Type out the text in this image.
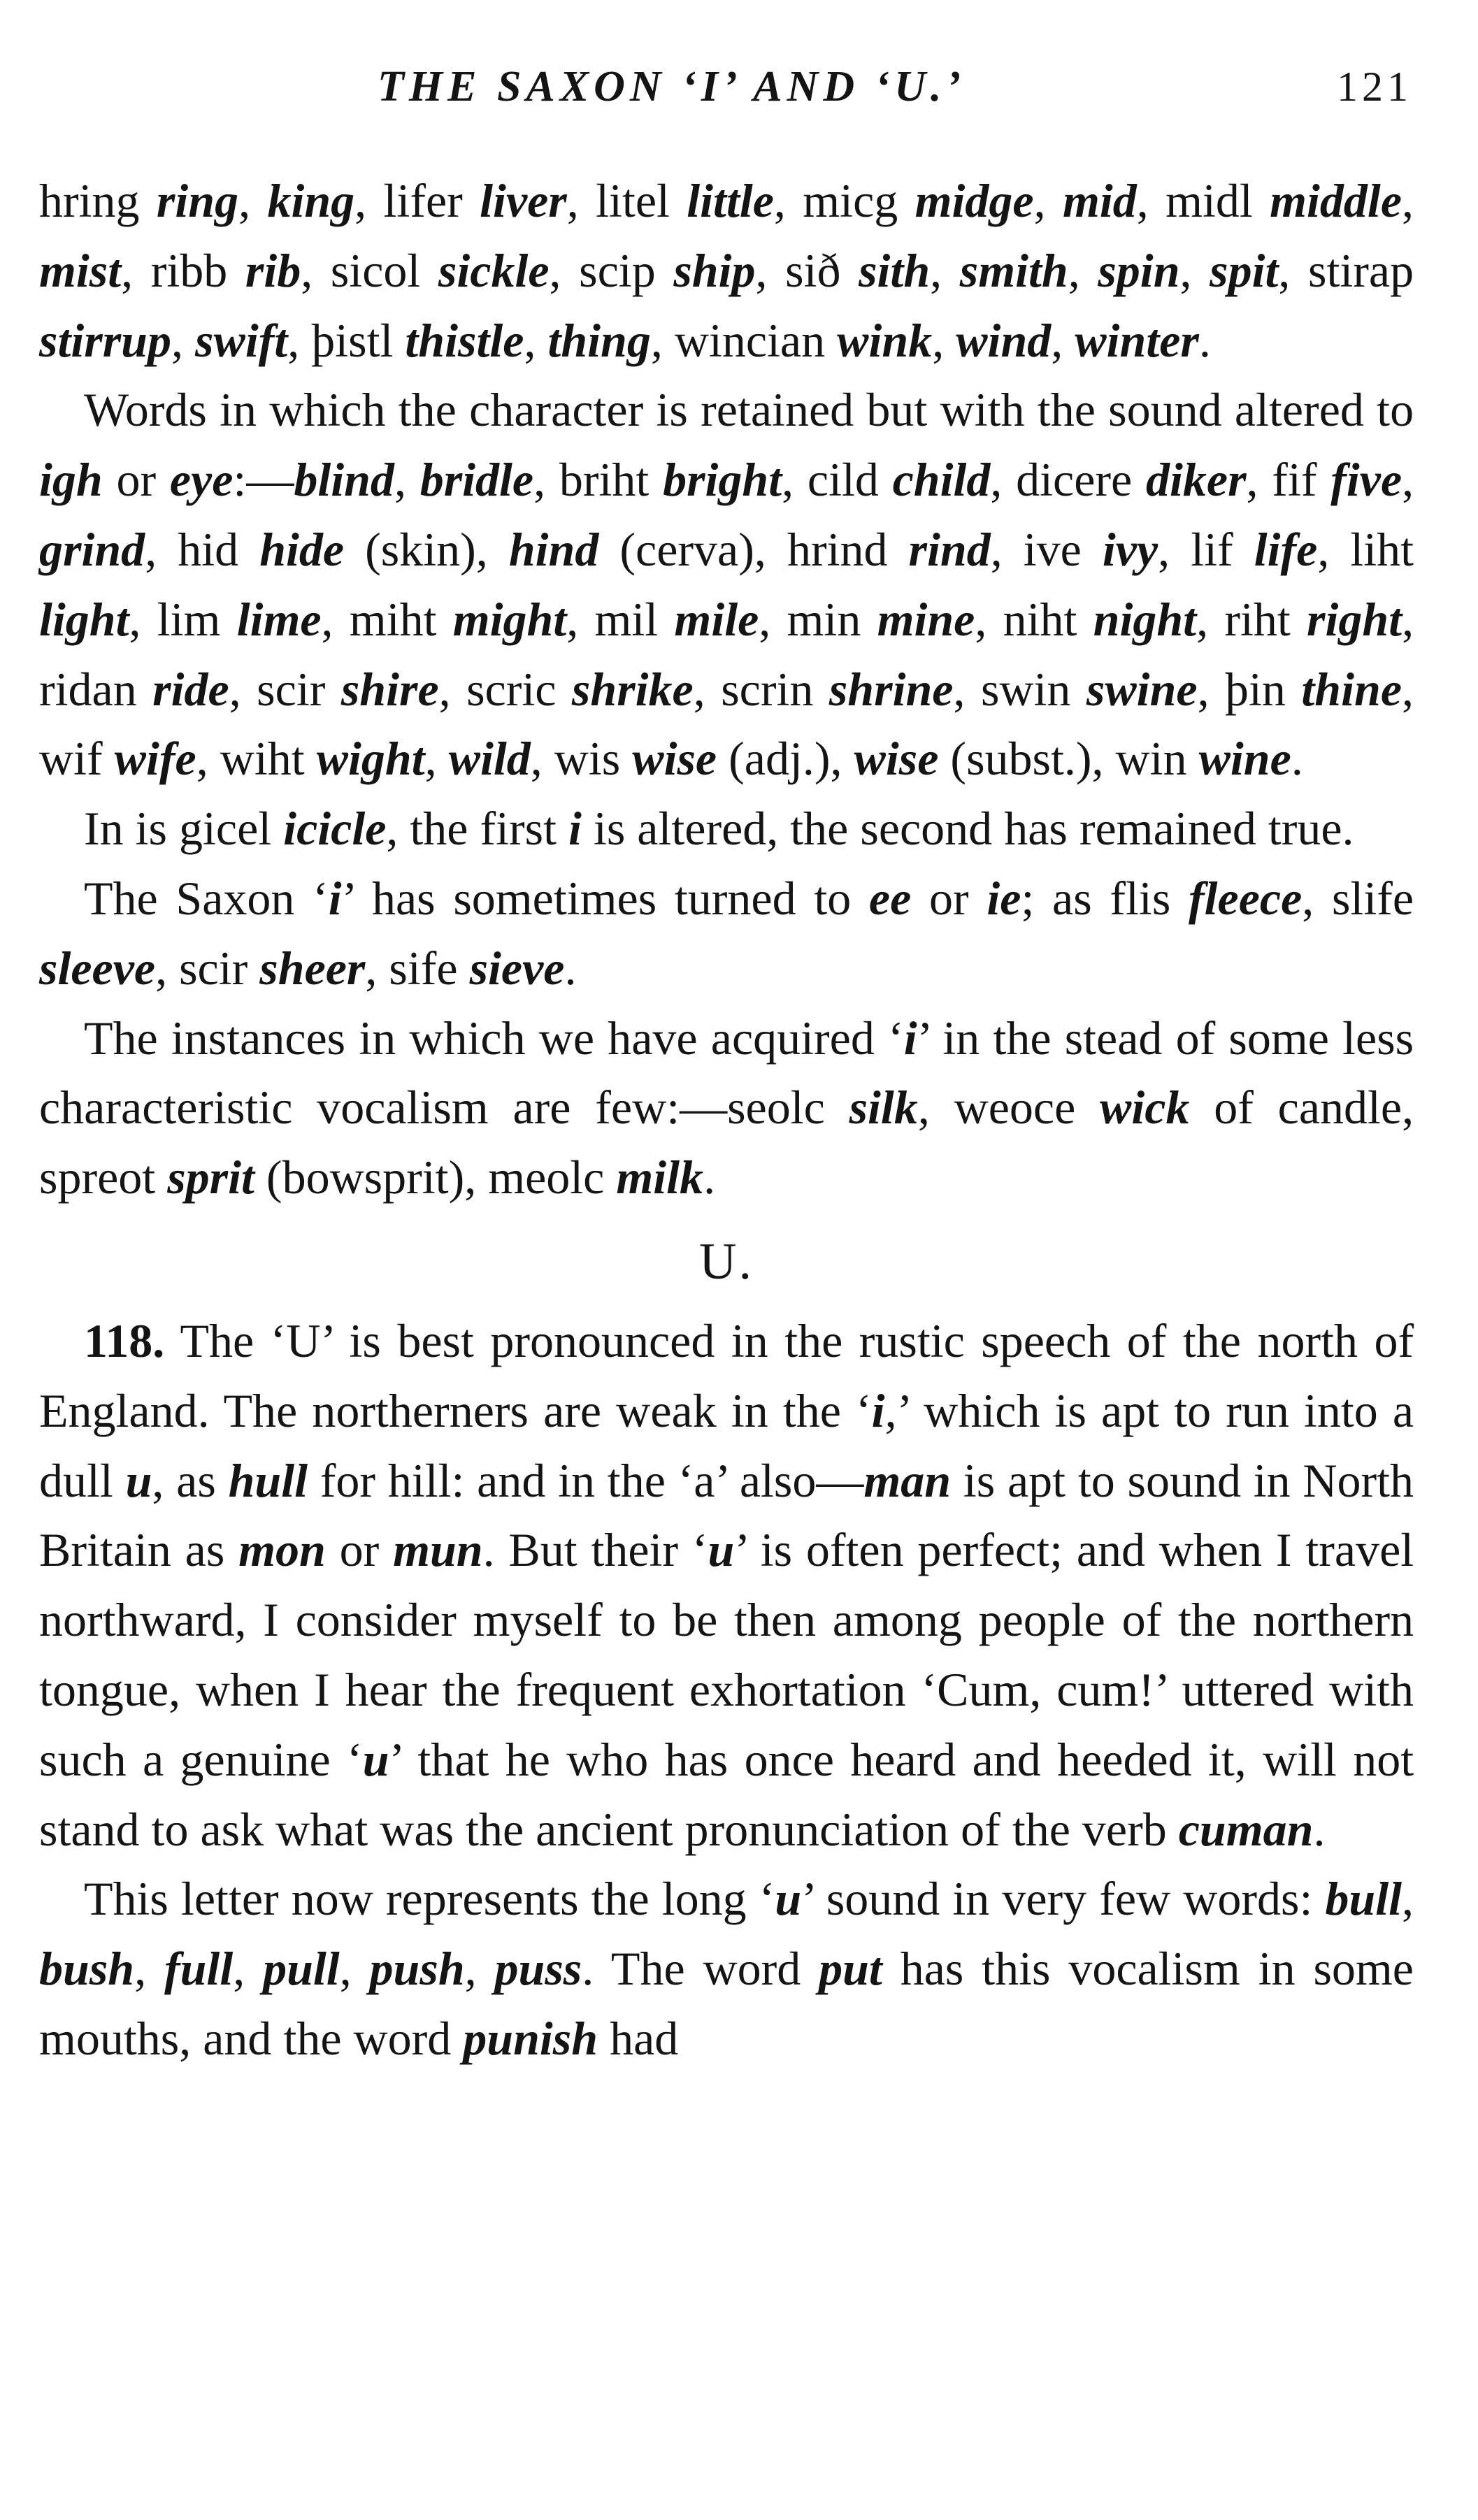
THE SAXON ‘I’ AND ‘U.’	121

hring ring, king, lifer liver, litel little, micg midge, mid, midl middle, mist, ribb rib, sicol sickle, scip ship, sið sith, smith, spin, spit, stirap stirrup, swift, þistl thistle, thing, wincian wink, wind, winter.

Words in which the character is retained but with the sound altered to igh or eye:—blind, bridle, briht bright, cild child, dicere diker, fif five, grind, hid hide (skin), hind (cerva), hrind rind, ive ivy, lif life, liht light, lim lime, miht might, mil mile, min mine, niht night, riht right, ridan ride, scir shire, scric shrike, scrin shrine, swin swine, þin thine, wif wife, wiht wight, wild, wis wise (adj.), wise (subst.), win wine.

In is gicel icicle, the first i is altered, the second has remained true.

The Saxon ‘i’ has sometimes turned to ee or ie; as flis fleece, slife sleeve, scir sheer, sife sieve.

The instances in which we have acquired ‘i’ in the stead of some less characteristic vocalism are few:—seolc silk, weoce wick of candle, spreot sprit (bowsprit), meolc milk.

U.

118. The ‘U’ is best pronounced in the rustic speech of the north of England. The northerners are weak in the ‘i,’ which is apt to run into a dull u, as hull for hill: and in the ‘a’ also—man is apt to sound in North Britain as mon or mun. But their ‘u’ is often perfect; and when I travel northward, I consider myself to be then among people of the northern tongue, when I hear the frequent exhortation ‘Cum, cum!’ uttered with such a genuine ‘u’ that he who has once heard and heeded it, will not stand to ask what was the ancient pronunciation of the verb cuman.

This letter now represents the long ‘u’ sound in very few words: bull, bush, full, pull, push, puss. The word put has this vocalism in some mouths, and the word punish had
